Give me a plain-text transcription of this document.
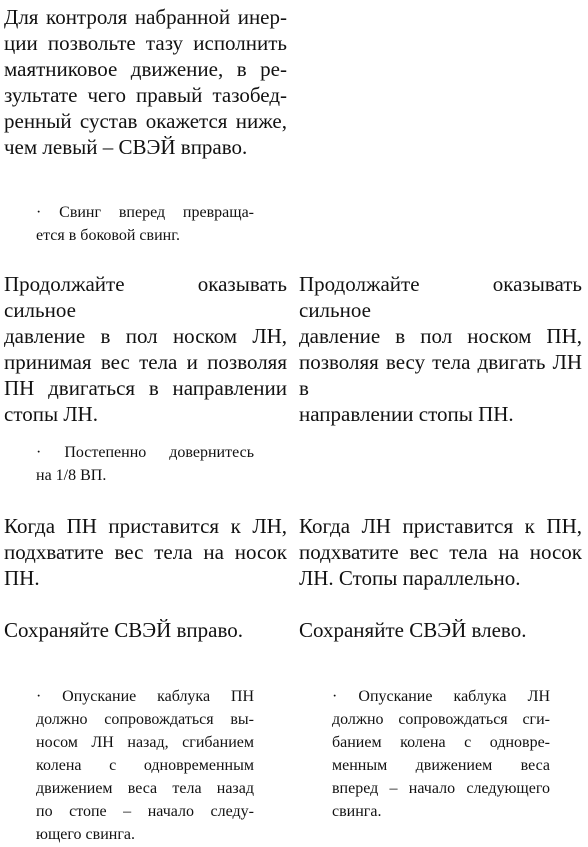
Для контроля набранной инер-
ции позвольте тазу исполнить
маятниковое движение, в ре-
зультате чего правый тазобед-
ренный сустав окажется ниже,
чем левый – СВЭЙ вправо.
· Свинг вперед превраща-
ется в боковой свинг.
Продолжайте оказывать сильное
давление в пол носком ЛН,
принимая вес тела и позволяя
ПН двигаться в направлении
стопы ЛН.
Продолжайте оказывать сильное
давление в пол носком ПН,
позволяя весу тела двигать ЛН в
направлении стопы ПН.
· Постепенно довернитесь
на 1/8 ВП.
Когда ПН приставится к ЛН,
подхватите вес тела на носок
ПН.
Когда ЛН приставится к ПН,
подхватите вес тела на носок
ЛН. Стопы параллельно.
Сохраняйте СВЭЙ вправо.	Сохраняйте СВЭЙ влево.
· Опускание каблука ПН
должно сопровождаться вы-
носом ЛН назад, сгибанием
колена с одновременным
движением веса тела назад
по стопе – начало следу-
ющего свинга.
· Опускание каблука ЛН
должно сопровождаться сги-
банием колена с одновре-
менным движением веса
вперед – начало следующего
свинга.
